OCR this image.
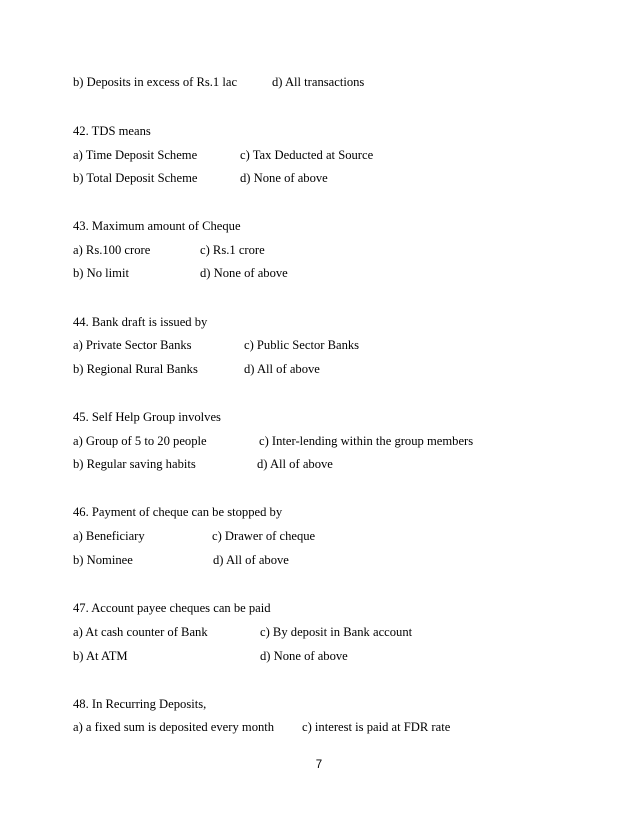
b) Deposits in excess of Rs.1 lac	d) All transactions
42. TDS means
a) Time Deposit Scheme	c) Tax Deducted at Source
b) Total Deposit Scheme	d) None of above
43. Maximum amount of Cheque
a) Rs.100 crore	c) Rs.1 crore
b) No limit	d) None of above
44. Bank draft is issued by
a) Private Sector Banks	c) Public Sector Banks
b) Regional Rural Banks	d) All of above
45. Self Help Group involves
a) Group of 5 to 20 people	c) Inter-lending within the group members
b) Regular saving habits	d) All of above
46. Payment of cheque can be stopped by
a) Beneficiary	c) Drawer of cheque
b) Nominee	d) All of above
47. Account payee cheques can be paid
a) At cash counter of Bank	c) By deposit in Bank account
b) At ATM	d) None of above
48. In Recurring Deposits,
a) a fixed sum is deposited every month c) interest is paid at FDR rate
7
